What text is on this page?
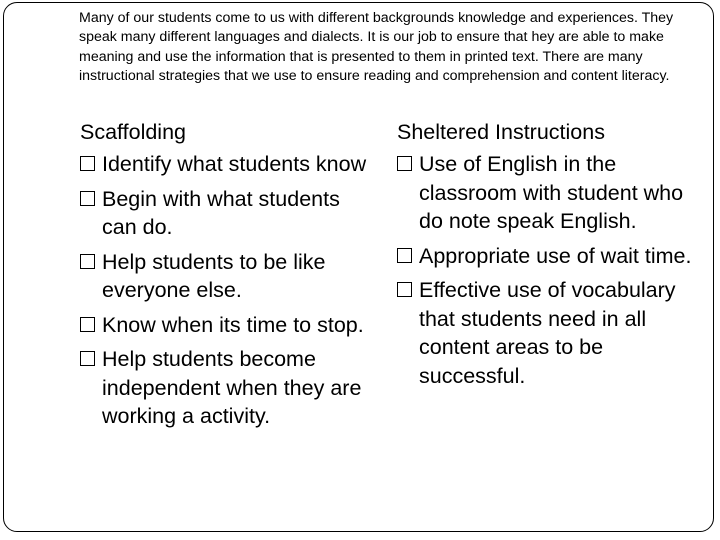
Many of our students come to us with different backgrounds knowledge and experiences. They speak many different languages and dialects. It is our job to ensure that hey are able to make meaning and use the information that is presented to them in printed text. There are many instructional strategies that we use to ensure reading and comprehension and content literacy.

Scaffolding
Identify what students know
Begin with what students can do.
Help students to be like everyone else.
Know when its time to stop.
Help students become independent when they are working a activity.
Sheltered Instructions
Use of English in the classroom with student who do note speak English.
Appropriate use of wait time.
Effective use of vocabulary that students need in all content areas to be successful.
